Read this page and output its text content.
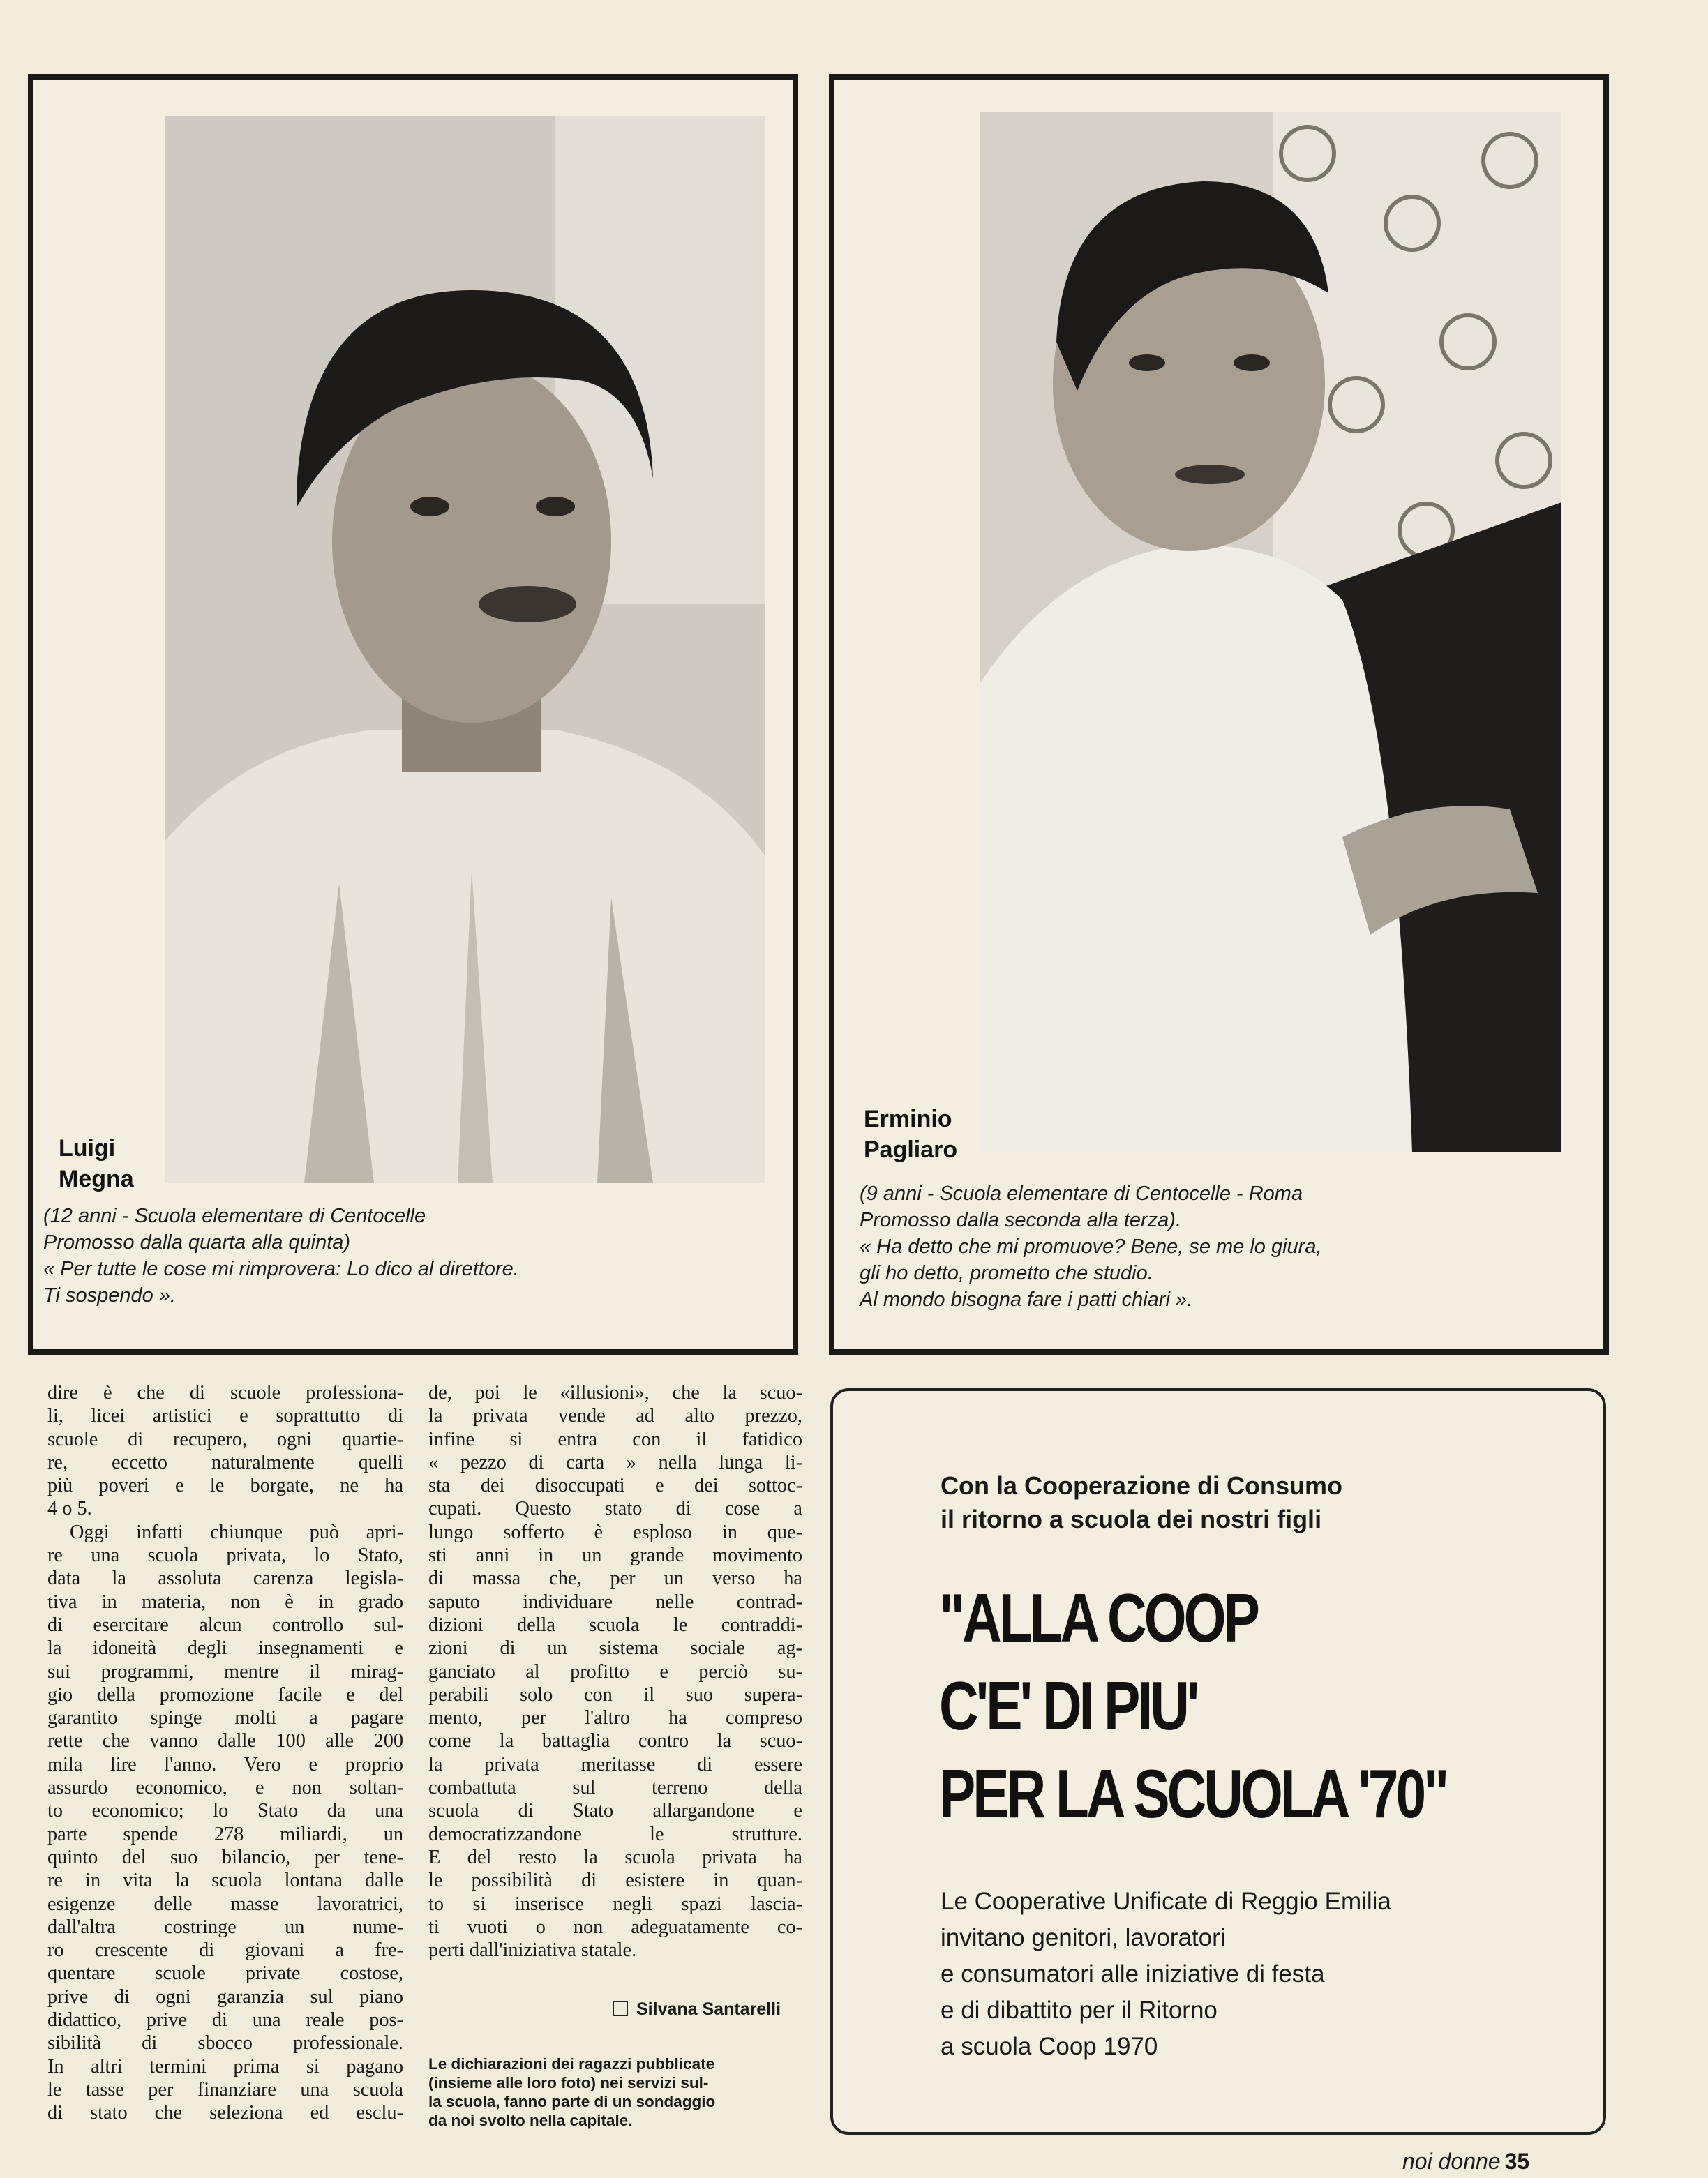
Luigi
Megna
(12 anni - Scuola elementare di Centocelle
Promosso dalla quarta alla quinta)
« Per tutte le cose mi rimprovera: Lo dico al direttore.
Ti sospendo ».
Erminio
Pagliaro
(9 anni - Scuola elementare di Centocelle - Roma
Promosso dalla seconda alla terza).
« Ha detto che mi promuove? Bene, se me lo giura,
gli ho detto, prometto che studio.
Al mondo bisogna fare i patti chiari ».
dire è che di scuole professiona-
li, licei artistici e soprattutto di
scuole di recupero, ogni quartie-
re, eccetto naturalmente quelli
più poveri e le borgate, ne ha
4 o 5.
Oggi infatti chiunque può apri-
re una scuola privata, lo Stato,
data la assoluta carenza legisla-
tiva in materia, non è in grado
di esercitare alcun controllo sul-
la idoneità degli insegnamenti e
sui programmi, mentre il mirag-
gio della promozione facile e del
garantito spinge molti a pagare
rette che vanno dalle 100 alle 200
mila lire l'anno. Vero e proprio
assurdo economico, e non soltan-
to economico; lo Stato da una
parte spende 278 miliardi, un
quinto del suo bilancio, per tene-
re in vita la scuola lontana dalle
esigenze delle masse lavoratrici,
dall'altra costringe un nume-
ro crescente di giovani a fre-
quentare scuole private costose,
prive di ogni garanzia sul piano
didattico, prive di una reale pos-
sibilità di sbocco professionale.
In altri termini prima si pagano
le tasse per finanziare una scuola
di stato che seleziona ed esclu-
de, poi le «illusioni», che la scuo-
la privata vende ad alto prezzo,
infine si entra con il fatidico
« pezzo di carta » nella lunga li-
sta dei disoccupati e dei sottoc-
cupati. Questo stato di cose a
lungo sofferto è esploso in que-
sti anni in un grande movimento
di massa che, per un verso ha
saputo individuare nelle contrad-
dizioni della scuola le contraddi-
zioni di un sistema sociale ag-
ganciato al profitto e perciò su-
perabili solo con il suo supera-
mento, per l'altro ha compreso
come la battaglia contro la scuo-
la privata meritasse di essere
combattuta sul terreno della
scuola di Stato allargandone e
democratizzandone le strutture.
E del resto la scuola privata ha
le possibilità di esistere in quan-
to si inserisce negli spazi lascia-
ti vuoti o non adeguatamente co-
perti dall'iniziativa statale.
Silvana Santarelli
Le dichiarazioni dei ragazzi pubblicate
(insieme alle loro foto) nei servizi sul-
la scuola, fanno parte di un sondaggio
da noi svolto nella capitale.
Con la Cooperazione di Consumo
il ritorno a scuola dei nostri figli
"ALLA COOP
C'E' DI PIU'
PER LA SCUOLA '70"
Le Cooperative Unificate di Reggio Emilia
invitano genitori, lavoratori
e consumatori alle iniziative di festa
e di dibattito per il Ritorno
a scuola Coop 1970
noi donne 35
